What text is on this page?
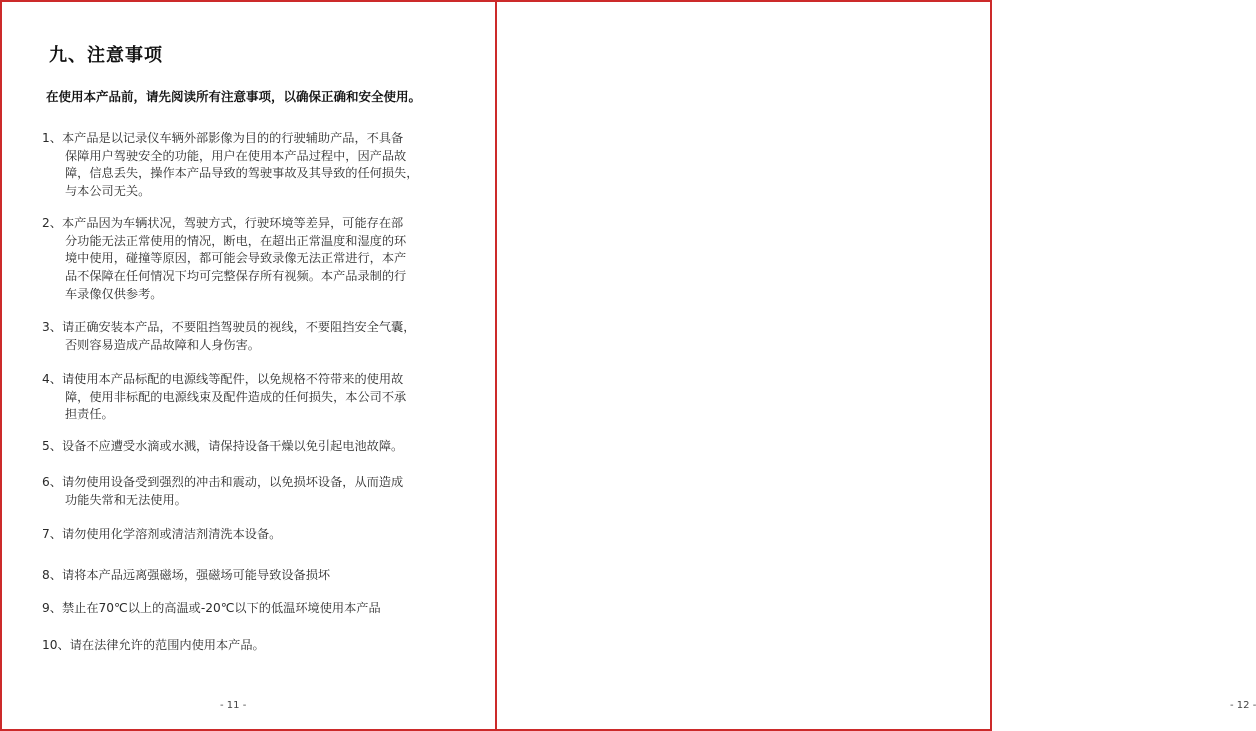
九、注意事项

在使用本产品前，请先阅读所有注意事项，以确保正确和安全使用。

1、本产品是以记录仪车辆外部影像为目的的行驶辅助产品，不具备
保障用户驾驶安全的功能，用户在使用本产品过程中，因产品故
障，信息丢失，操作本产品导致的驾驶事故及其导致的任何损失，
与本公司无关。
2、本产品因为车辆状况，驾驶方式，行驶环境等差异，可能存在部
分功能无法正常使用的情况，断电，在超出正常温度和湿度的环
境中使用，碰撞等原因，都可能会导致录像无法正常进行，本产
品不保障在任何情况下均可完整保存所有视频。本产品录制的行
车录像仅供参考。
3、请正确安装本产品，不要阻挡驾驶员的视线，不要阻挡安全气囊，
否则容易造成产品故障和人身伤害。
4、请使用本产品标配的电源线等配件，以免规格不符带来的使用故
障，使用非标配的电源线束及配件造成的任何损失，本公司不承
担责任。
5、设备不应遭受水滴或水溅，请保持设备干燥以免引起电池故障。
6、请勿使用设备受到强烈的冲击和震动，以免损坏设备，从而造成
功能失常和无法使用。
7、请勿使用化学溶剂或清洁剂清洗本设备。
8、请将本产品远离强磁场，强磁场可能导致设备损坏
9、禁止在70℃以上的高温或-20℃以下的低温环境使用本产品
10、请在法律允许的范围内使用本产品。
- 11 -	- 12 -
